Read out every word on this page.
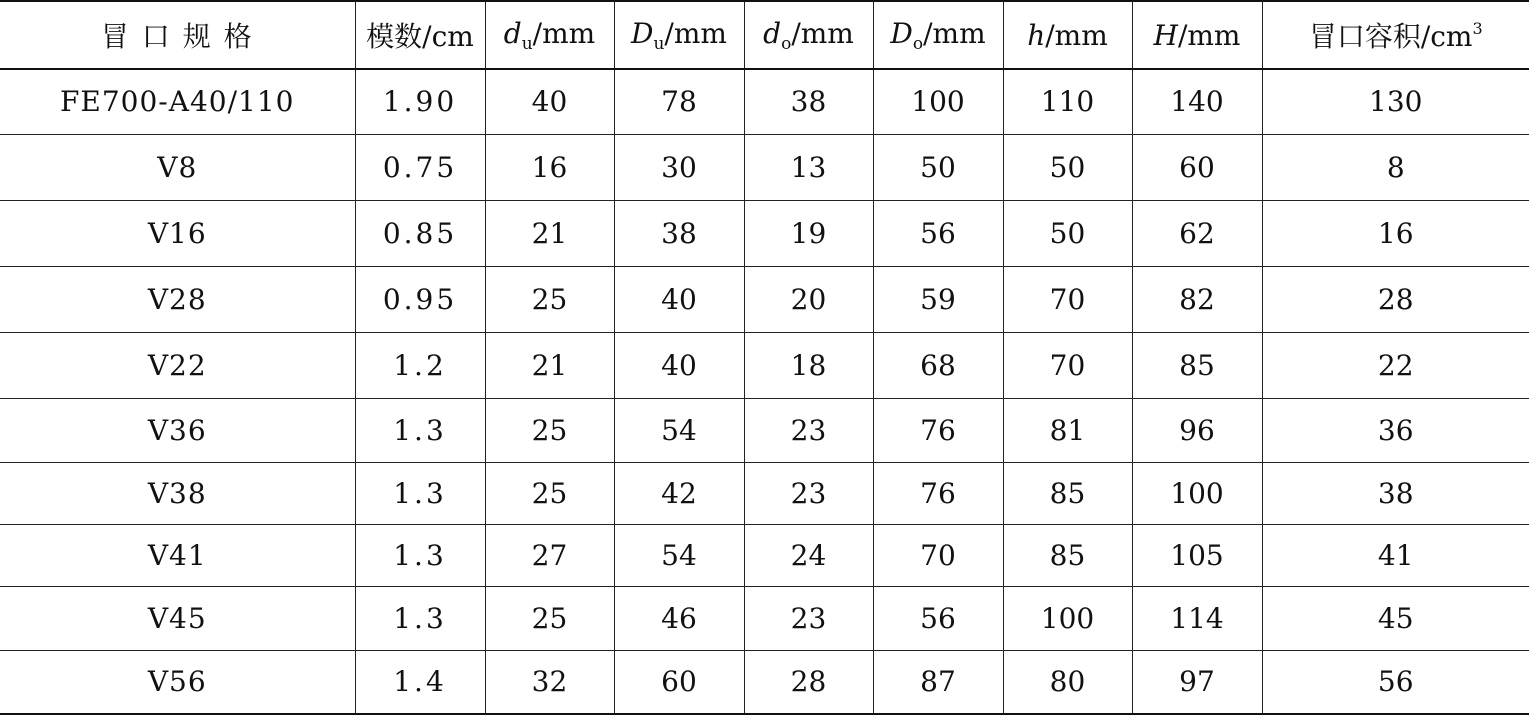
冒 口 规 格	模数/cm	$d_u/mm$	$D_u/mm$	$d_o/mm$	$D_o/mm$	h/mm	H/mm	冒口容积$/cm^3$
FE700-A40/110	1.90	40	78	38	100	110	140	130
V8	0.75	16	30	13	50	50	60	8
V16	0.85	21	38	19	56	50	62	16
V28	0.95	25	40	20	59	70	82	28
V22	1.2	21	40	18	68	70	85	22
V36	1.3	25	54	23	76	81	96	36
V38	1.3	25	42	23	76	85	100	38
V41	1.3	27	54	24	70	85	105	41
V45	1.3	25	46	23	56	100	114	45
V56	1.4	32	60	28	87	80	97	56
